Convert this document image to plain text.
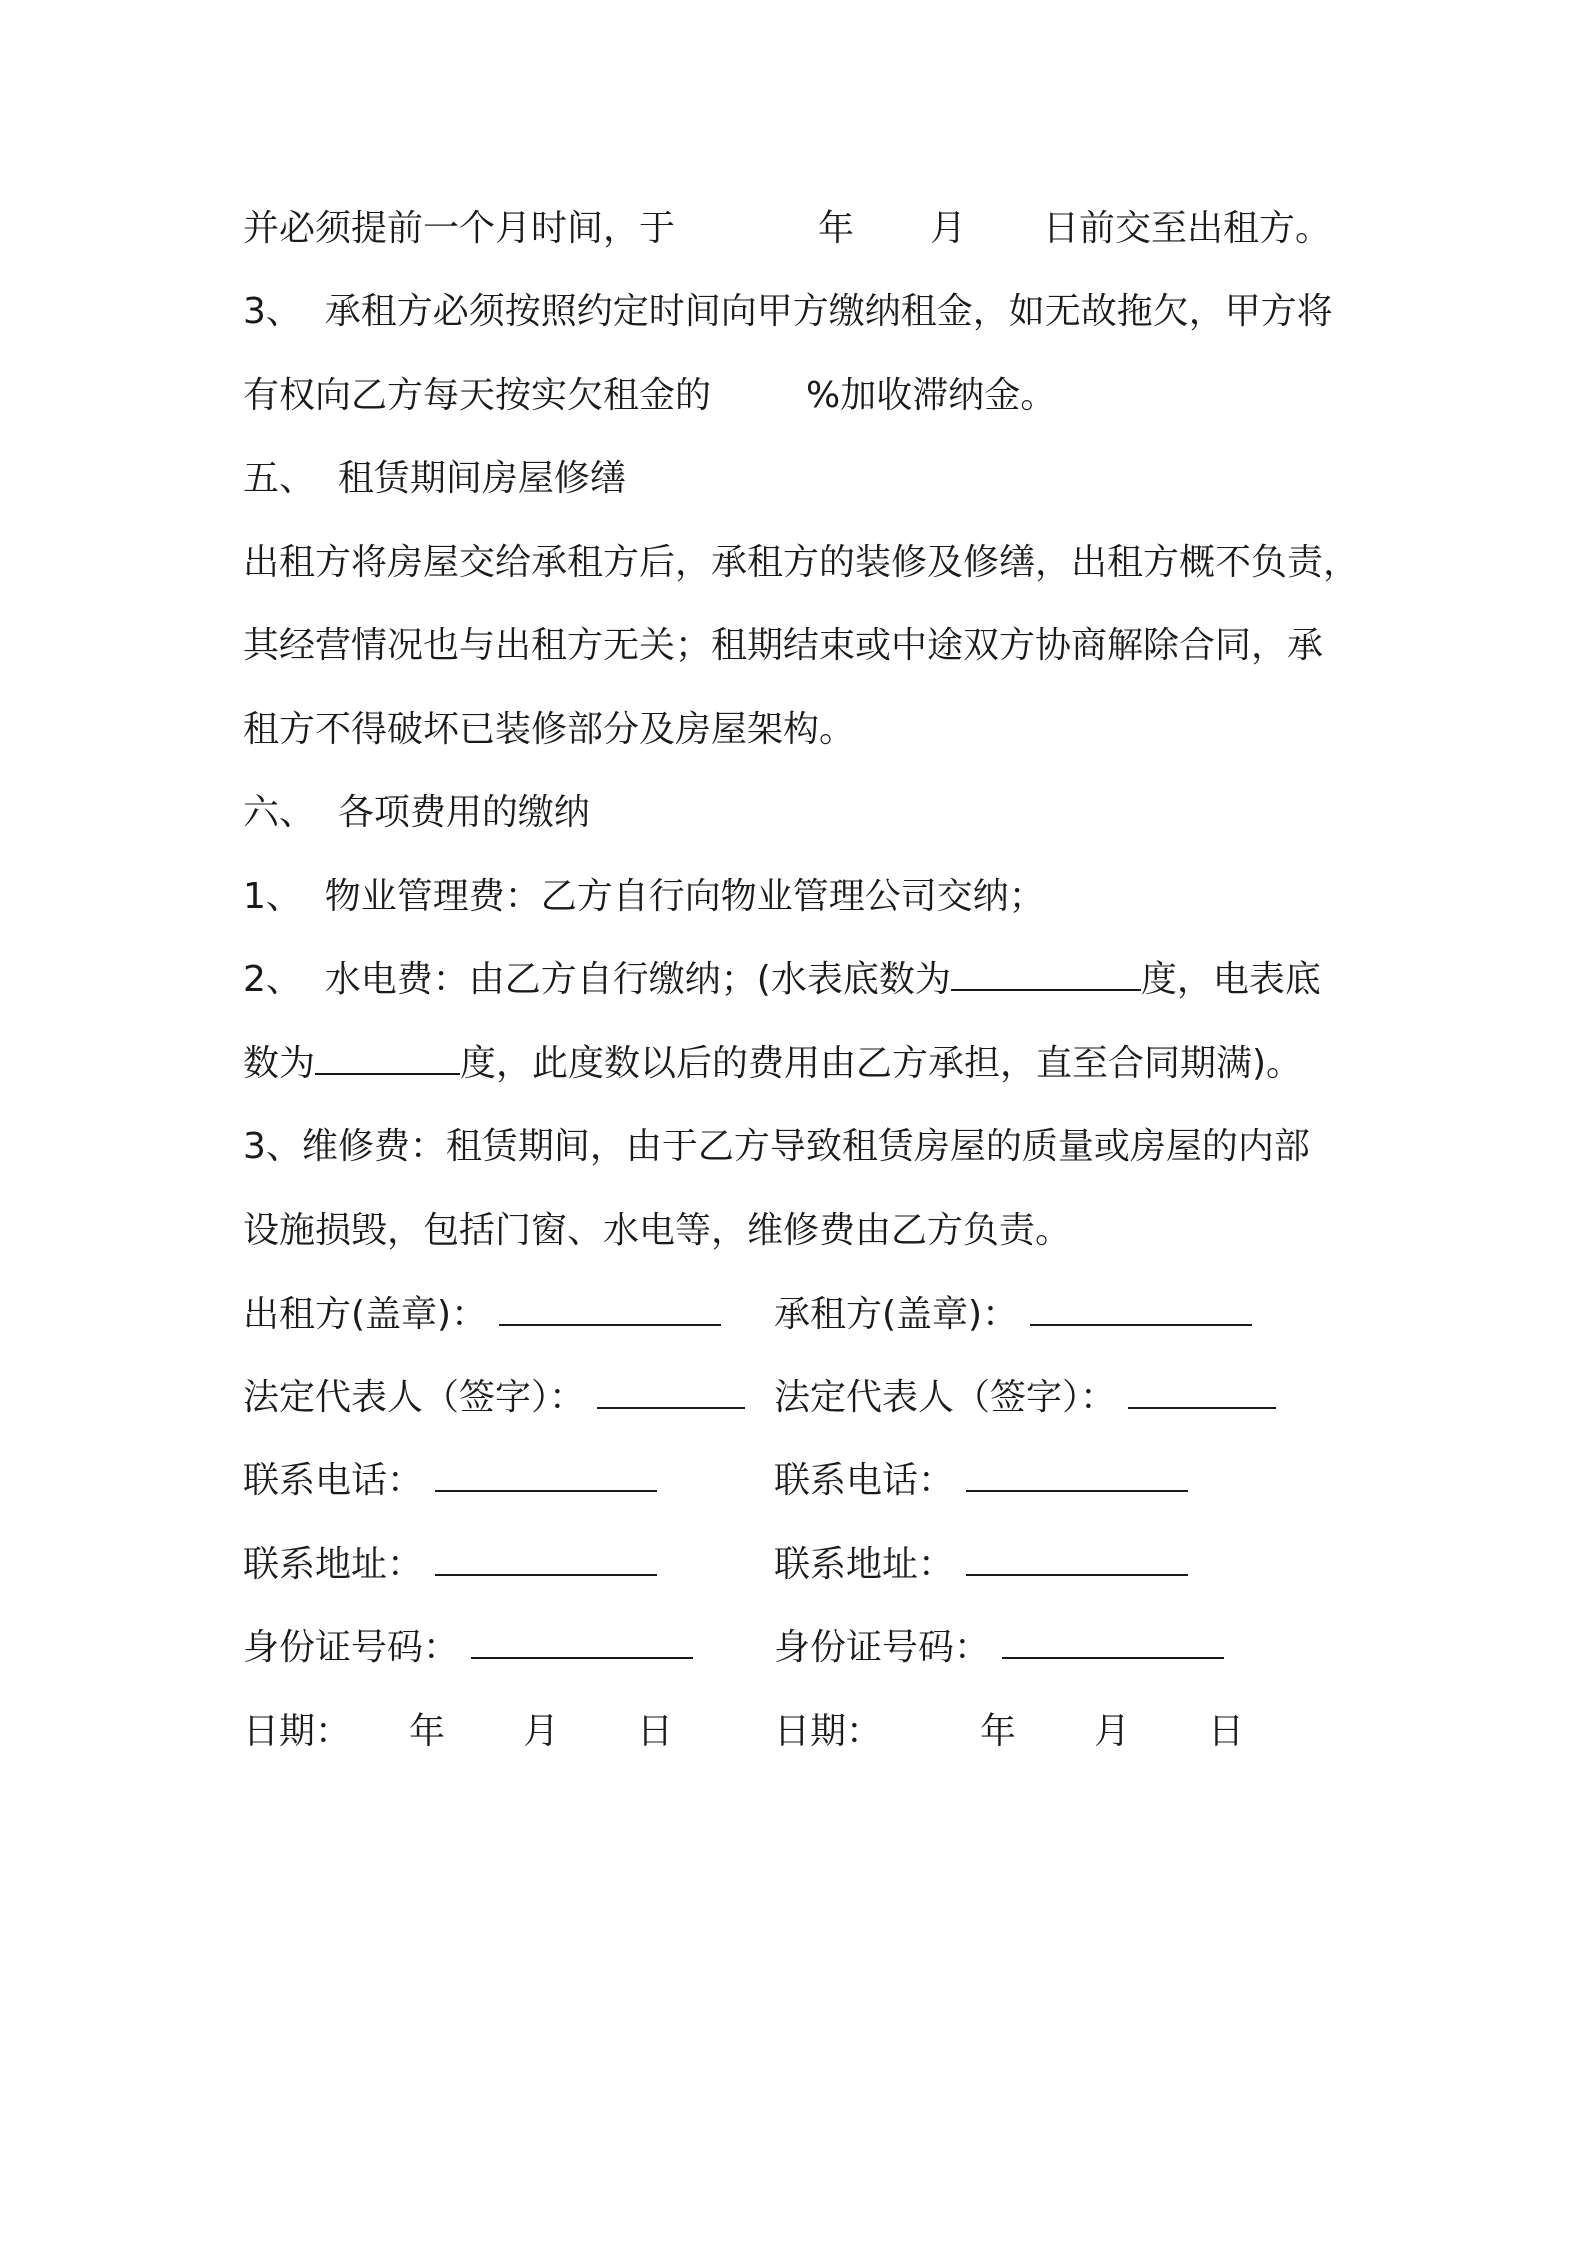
并必须提前一个月时间，于	年 月 日前交至出租方。
3、  承租方必须按照约定时间向甲方缴纳租金，如无故拖欠，甲方将
有权向乙方每天按实欠租金的	%加收滞纳金。
五、  租赁期间房屋修缮
出租方将房屋交给承租方后，承租方的装修及修缮，出租方概不负责，
其经营情况也与出租方无关；租期结束或中途双方协商解除合同，承
租方不得破坏已装修部分及房屋架构。
六、  各项费用的缴纳
1、  物业管理费：乙方自行向物业管理公司交纳；
2、  水电费：由乙方自行缴纳；(水表底数为	度，电表底
数为	度，此度数以后的费用由乙方承担，直至合同期满)。
3、维修费：租赁期间，由于乙方导致租赁房屋的质量或房屋的内部
设施损毁，包括门窗、水电等，维修费由乙方负责。
出租方(盖章)：	承租方(盖章)：
法定代表人（签字）：	法定代表人（签字）：
联系电话：	联系电话：
联系地址：	联系地址：
身份证号码：	身份证号码：
日期： 年 月 日	日期：	年 月 日
